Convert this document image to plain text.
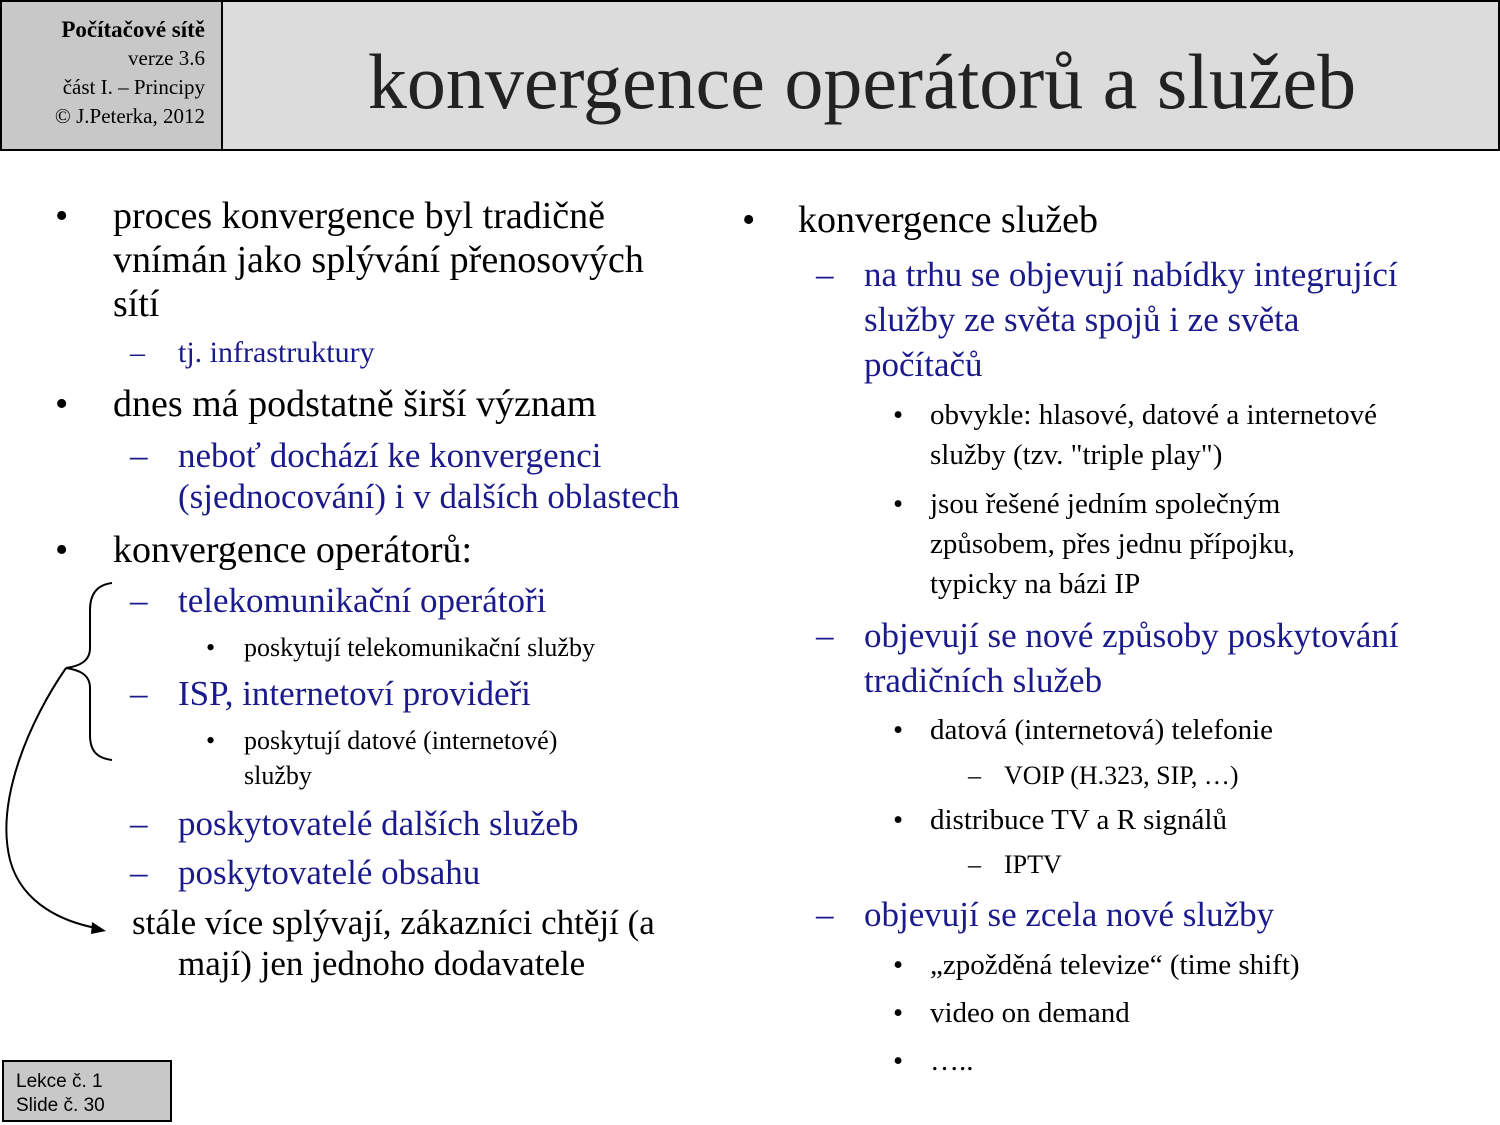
Počítačové sítě
verze 3.6
část I. – Principy
© J.Peterka, 2012	konvergence operátorů a služeb
• proces konvergence byl tradičně
vnímán jako splývání přenosových
sítí
– tj. infrastruktury
• dnes má podstatně širší význam
– neboť dochází ke konvergenci
(sjednocování) i v dalších oblastech
• konvergence operátorů:
– telekomunikační operátoři
• poskytují telekomunikační služby
– ISP, internetoví provideři
• poskytují datové (internetové)
služby
– poskytovatelé dalších služeb
– poskytovatelé obsahu
stále více splývají, zákazníci chtějí (a
mají) jen jednoho dodavatele
• konvergence služeb
– na trhu se objevují nabídky integrující
služby ze světa spojů i ze světa
počítačů
• obvykle: hlasové, datové a internetové
služby (tzv. "triple play")
• jsou řešené jedním společným
způsobem, přes jednu přípojku,
typicky na bázi IP
– objevují se nové způsoby poskytování
tradičních služeb
• datová (internetová) telefonie
– VOIP (H.323, SIP, …)
• distribuce TV a R signálů
– IPTV
– objevují se zcela nové služby
• „zpožděná televize“ (time shift)
• video on demand
• …..
Lekce č. 1
Slide č. 30
